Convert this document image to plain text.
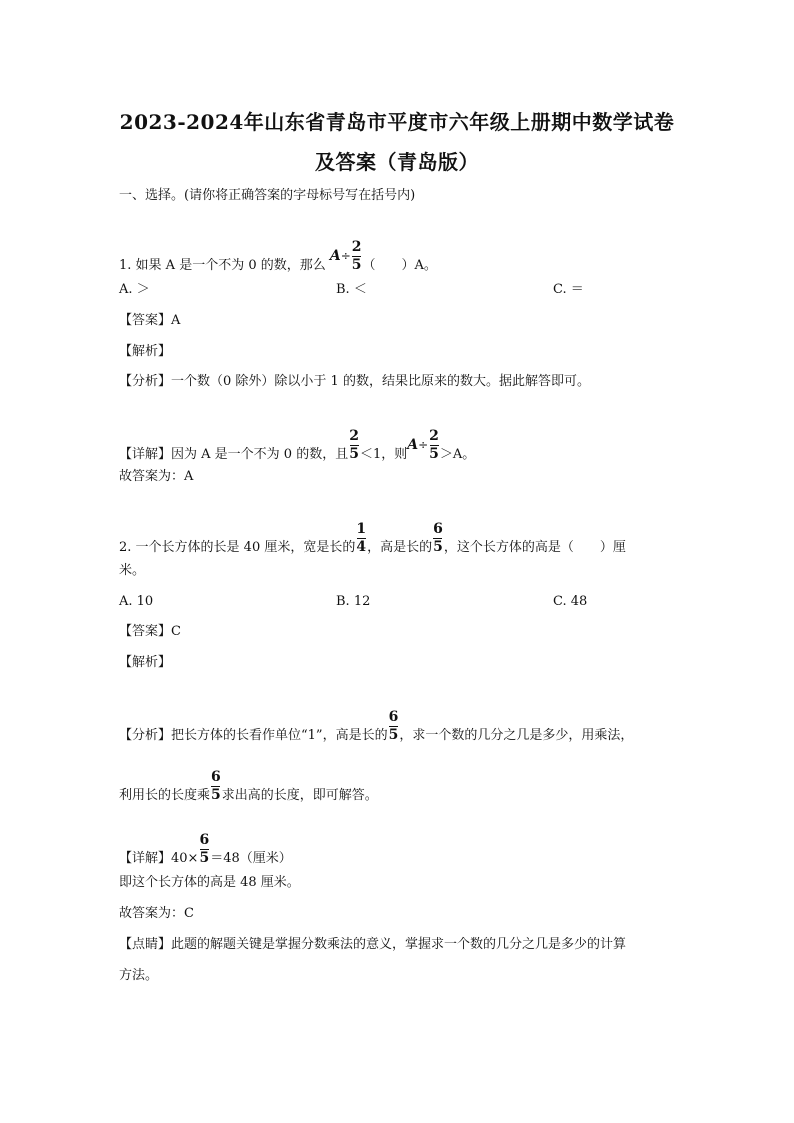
2023-2024年山东省青岛市平度市六年级上册期中数学试卷
及答案（青岛版）
一、选择。(请你将正确答案的字母标号写在括号内)
1. 如果 A 是一个不为 0 的数，那么 $A\div \frac{2}{5}$ （　　）A。
A. ＞	B. ＜	C. ＝
【答案】A
【解析】
【分析】一个数（0 除外）除以小于 1 的数，结果比原来的数大。据此解答即可。
【详解】因为 A 是一个不为 0 的数，且 $\frac{2}{5} <1$，则$A\div \frac{2}{5} >A$。
故答案为：A
2. 一个长方体的长是 40 厘米，宽是长的 $\frac{1}{4}$ ，高是长的 $\frac{6}{5}$ ，这个长方体的高是（　　）厘
米。
A. 10	B. 12	C. 48
【答案】C
【解析】
【分析】把长方体的长看作单位“1”，高是长的 $\frac{6}{5}$ ，求一个数的几分之几是多少，用乘法，
利用长的长度乘 $\frac{6}{5}$ 求出高的长度，即可解答。
【详解】$40\times \frac{6}{5} =48$（厘米）
即这个长方体的高是 48 厘米。
故答案为：C
【点睛】此题的解题关键是掌握分数乘法的意义，掌握求一个数的几分之几是多少的计算
方法。
